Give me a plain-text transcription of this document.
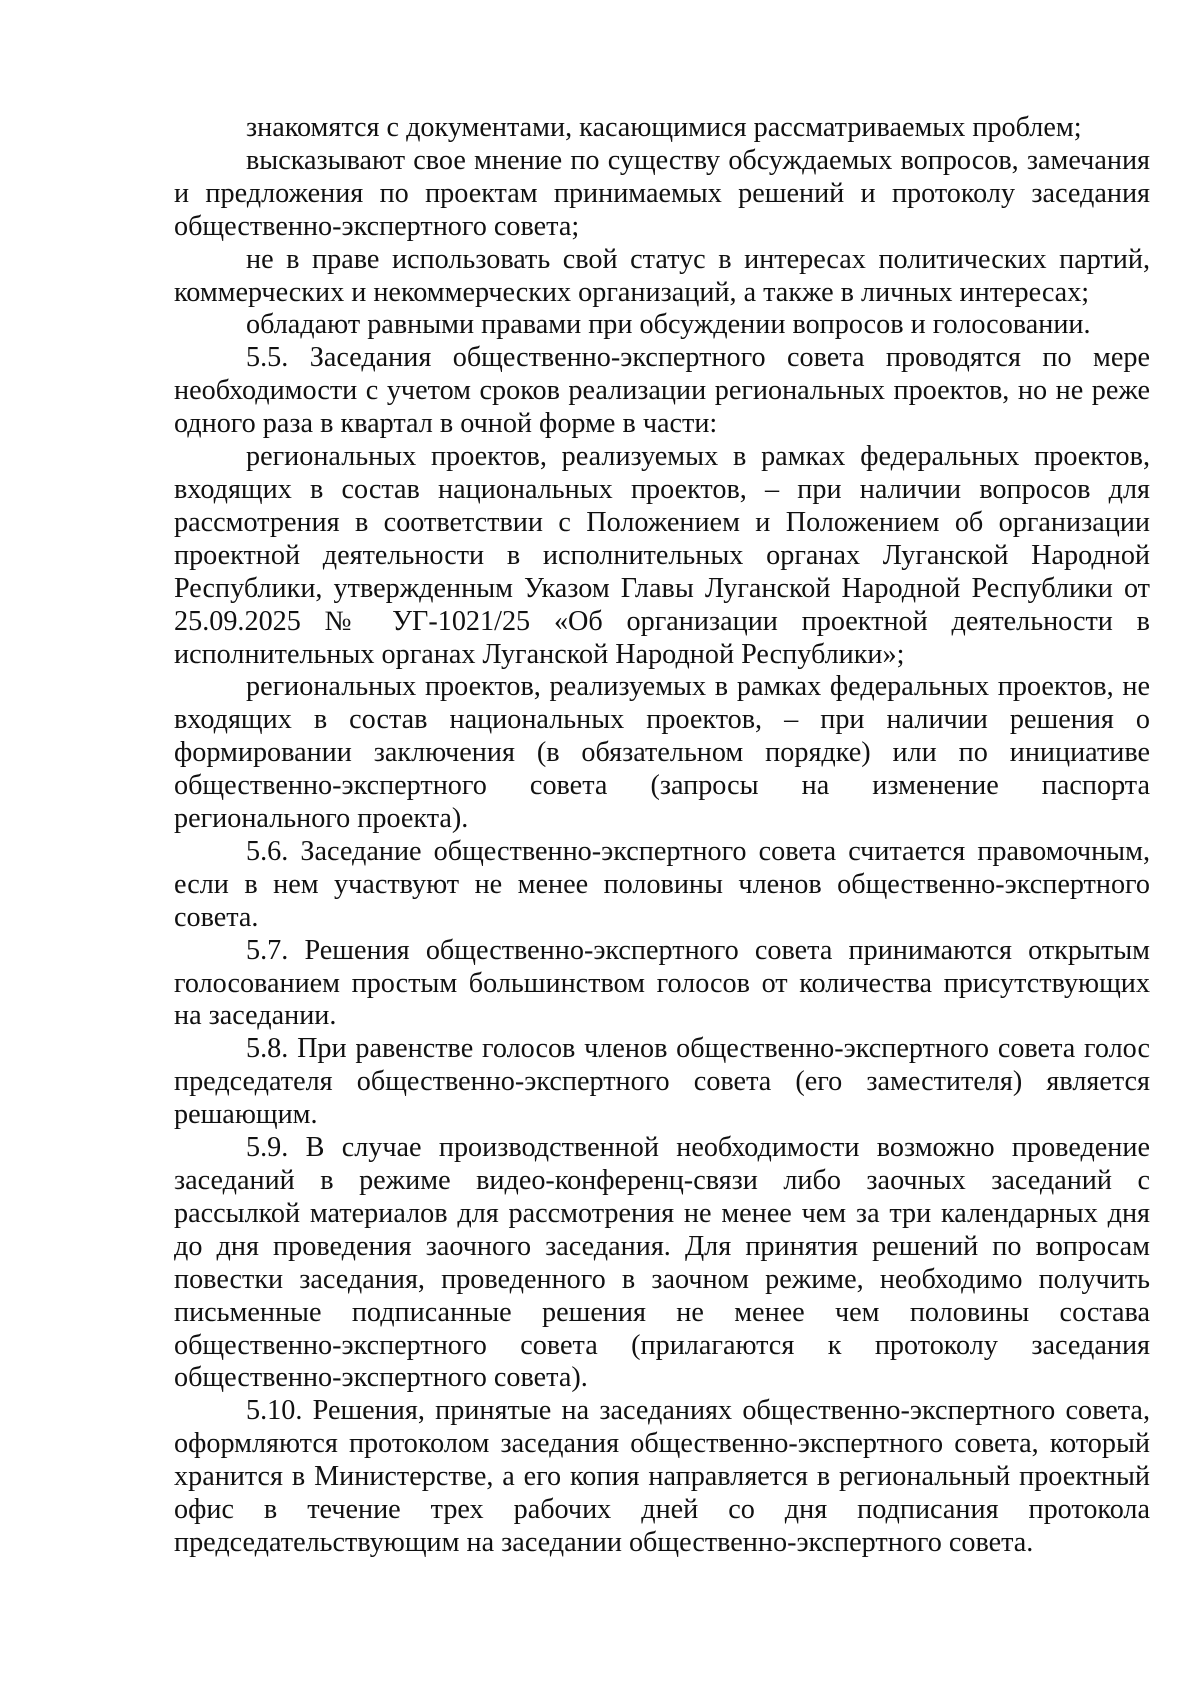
знакомятся с документами, касающимися рассматриваемых проблем;

высказывают свое мнение по существу обсуждаемых вопросов, замечания и предложения по проектам принимаемых решений и протоколу заседания общественно-экспертного совета;

не в праве использовать свой статус в интересах политических партий, коммерческих и некоммерческих организаций, а также в личных интересах;

обладают равными правами при обсуждении вопросов и голосовании.

5.5. Заседания общественно-экспертного совета проводятся по мере необходимости с учетом сроков реализации региональных проектов, но не реже одного раза в квартал в очной форме в части:

региональных проектов, реализуемых в рамках федеральных проектов, входящих в состав национальных проектов, – при наличии вопросов для рассмотрения в соответствии с Положением и Положением об организации проектной деятельности в исполнительных органах Луганской Народной Республики, утвержденным Указом Главы Луганской Народной Республики от 25.09.2025 № УГ-1021/25 «Об организации проектной деятельности в исполнительных органах Луганской Народной Республики»;

региональных проектов, реализуемых в рамках федеральных проектов, не входящих в состав национальных проектов, – при наличии решения о формировании заключения (в обязательном порядке) или по инициативе общественно-экспертного совета (запросы на изменение паспорта регионального проекта).

5.6. Заседание общественно-экспертного совета считается правомочным, если в нем участвуют не менее половины членов общественно-экспертного совета.

5.7. Решения общественно-экспертного совета принимаются открытым голосованием простым большинством голосов от количества присутствующих на заседании.

5.8. При равенстве голосов членов общественно-экспертного совета голос председателя общественно-экспертного совета (его заместителя) является решающим.

5.9. В случае производственной необходимости возможно проведение заседаний в режиме видео-конференц-связи либо заочных заседаний с рассылкой материалов для рассмотрения не менее чем за три календарных дня до дня проведения заочного заседания. Для принятия решений по вопросам повестки заседания, проведенного в заочном режиме, необходимо получить письменные подписанные решения не менее чем половины состава общественно-экспертного совета (прилагаются к протоколу заседания общественно-экспертного совета).

5.10. Решения, принятые на заседаниях общественно-экспертного совета, оформляются протоколом заседания общественно-экспертного совета, который хранится в Министерстве, а его копия направляется в региональный проектный офис в течение трех рабочих дней со дня подписания протокола председательствующим на заседании общественно-экспертного совета.
